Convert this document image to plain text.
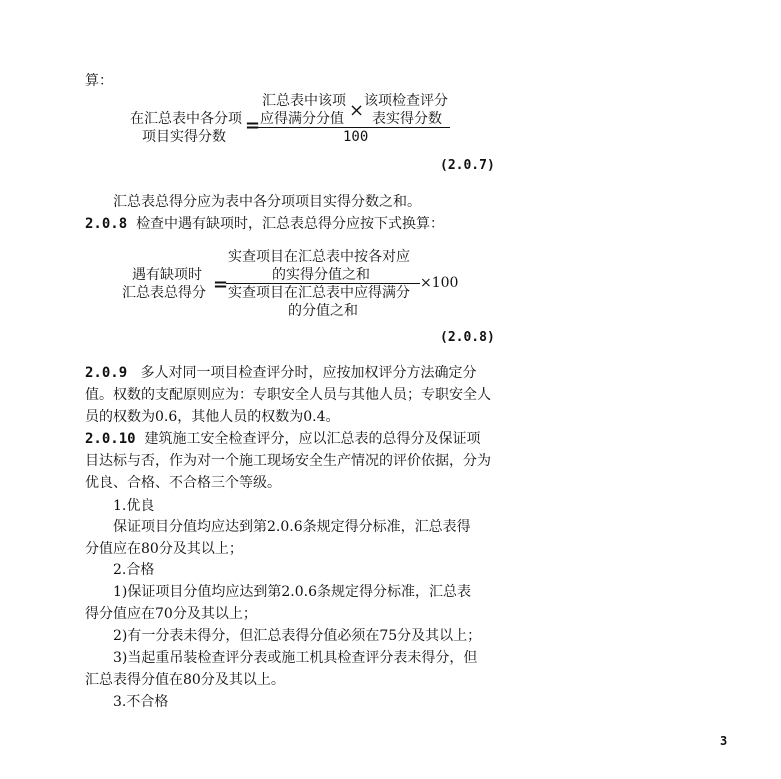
算：
在汇总表中各分项
项目实得分数
=
汇总表中该项
应得满分分值 × 该项检查评分
表实得分数
100
(2.0.7)
汇总表总得分应为表中各分项项目实得分数之和。
2.0.8 检查中遇有缺项时，汇总表总得分应按下式换算：
遇有缺项时
汇总表总得分 =
实查项目在汇总表中按各对应
的实得分值之和
实查项目在汇总表中应得满分
的分值之和
×100
(2.0.8)
2.0.9 多人对同一项目检查评分时，应按加权评分方法确定分
值。权数的支配原则应为：专职安全人员与其他人员；专职安全人
员的权数为0.6，其他人员的权数为0.4。
2.0.10 建筑施工安全检查评分，应以汇总表的总得分及保证项
目达标与否，作为对一个施工现场安全生产情况的评价依据，分为
优良、合格、不合格三个等级。
1.优良
保证项目分值均应达到第2.0.6条规定得分标准，汇总表得
分值应在80分及其以上；
2.合格
1)保证项目分值均应达到第2.0.6条规定得分标准，汇总表
得分值应在70分及其以上；
2)有一分表未得分，但汇总表得分值必须在75分及其以上；
3)当起重吊装检查评分表或施工机具检查评分表未得分，但
汇总表得分值在80分及其以上。
3.不合格
3
